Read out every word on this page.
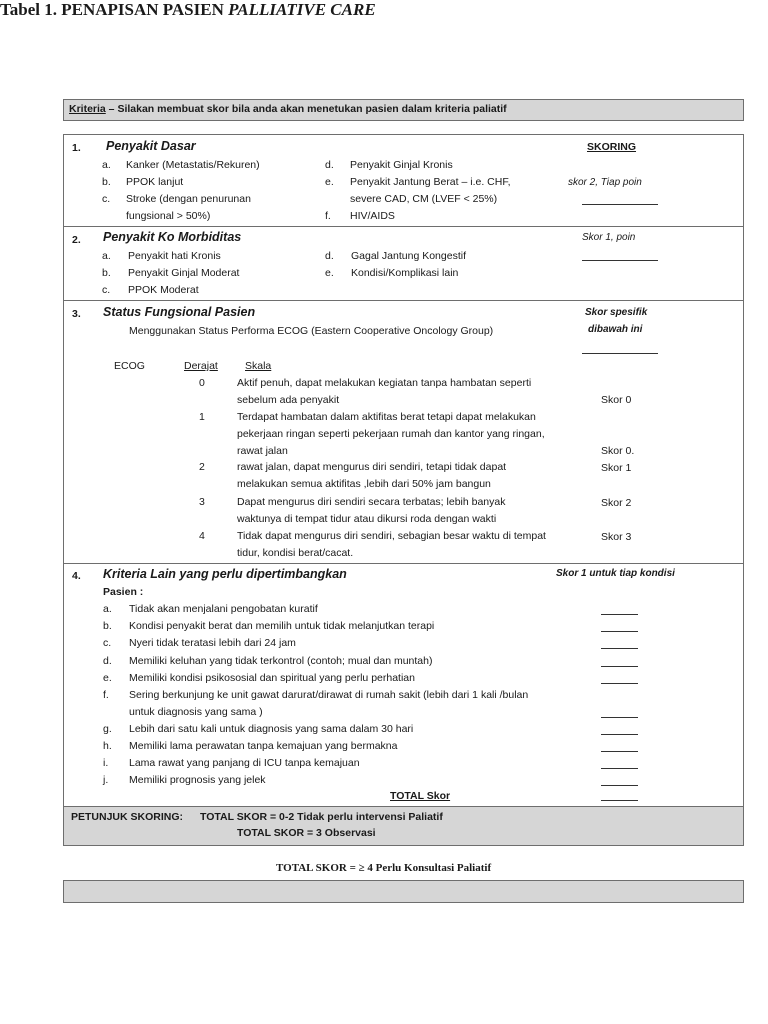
Tabel 1. PENAPISAN PASIEN PALLIATIVE CARE
Kriteria – Silakan membuat skor bila anda akan menetukan pasien dalam kriteria paliatif
1. Penyakit Dasar	SKORING
skor 2, Tiap poin
a. Kanker (Metastatis/Rekuren)
b. PPOK lanjut
c. Stroke (dengan penurunan
fungsional > 50%)
d. Penyakit Ginjal Kronis
e. Penyakit Jantung Berat – i.e. CHF,
severe CAD, CM (LVEF < 25%)
f. HIV/AIDS
2. Penyakit Ko Morbiditas	Skor 1, poin
a. Penyakit hati Kronis
b. Penyakit Ginjal Moderat
c. PPOK Moderat
d. Gagal Jantung Kongestif
e. Kondisi/Komplikasi lain
3. Status Fungsional Pasien	Skor spesifik
dibawah ini
Menggunakan Status Performa ECOG (Eastern Cooperative Oncology Group)
ECOG	Derajat	Skala
0	Aktif penuh, dapat melakukan kegiatan tanpa hambatan seperti
sebelum ada penyakit	Skor 0
1	Terdapat hambatan dalam aktifitas berat tetapi dapat melakukan
pekerjaan ringan seperti pekerjaan rumah dan kantor yang ringan,
rawat jalan	Skor 0.
2	rawat jalan, dapat mengurus diri sendiri, tetapi tidak dapat
melakukan semua aktifitas ,lebih dari 50% jam bangun
Skor 1
3	Dapat mengurus diri sendiri secara terbatas; lebih banyak
waktunya di tempat tidur atau dikursi roda dengan wakti
Skor 2
4	Tidak dapat mengurus diri sendiri, sebagian besar waktu di tempat
tidur, kondisi berat/cacat.
Skor 3
4. Kriteria Lain yang perlu dipertimbangkan	Skor 1 untuk tiap kondisi
Pasien :
a. Tidak akan menjalani pengobatan kuratif
b. Kondisi penyakit berat dan memilih untuk tidak melanjutkan terapi
c. Nyeri tidak teratasi lebih dari 24 jam
d. Memiliki keluhan yang tidak terkontrol (contoh; mual dan muntah)
e. Memiliki kondisi psikososial dan spiritual yang perlu perhatian
f. Sering berkunjung ke unit gawat darurat/dirawat di rumah sakit (lebih dari 1 kali /bulan
untuk diagnosis yang sama )
g. Lebih dari satu kali untuk diagnosis yang sama dalam 30 hari
h. Memiliki lama perawatan tanpa kemajuan yang bermakna
i. Lama rawat yang panjang di ICU tanpa kemajuan
j. Memiliki prognosis yang jelek
TOTAL Skor
PETUNJUK SKORING: TOTAL SKOR = 0-2 Tidak perlu intervensi Paliatif
TOTAL SKOR = 3 Observasi
TOTAL SKOR = ≥ 4 Perlu Konsultasi Paliatif
